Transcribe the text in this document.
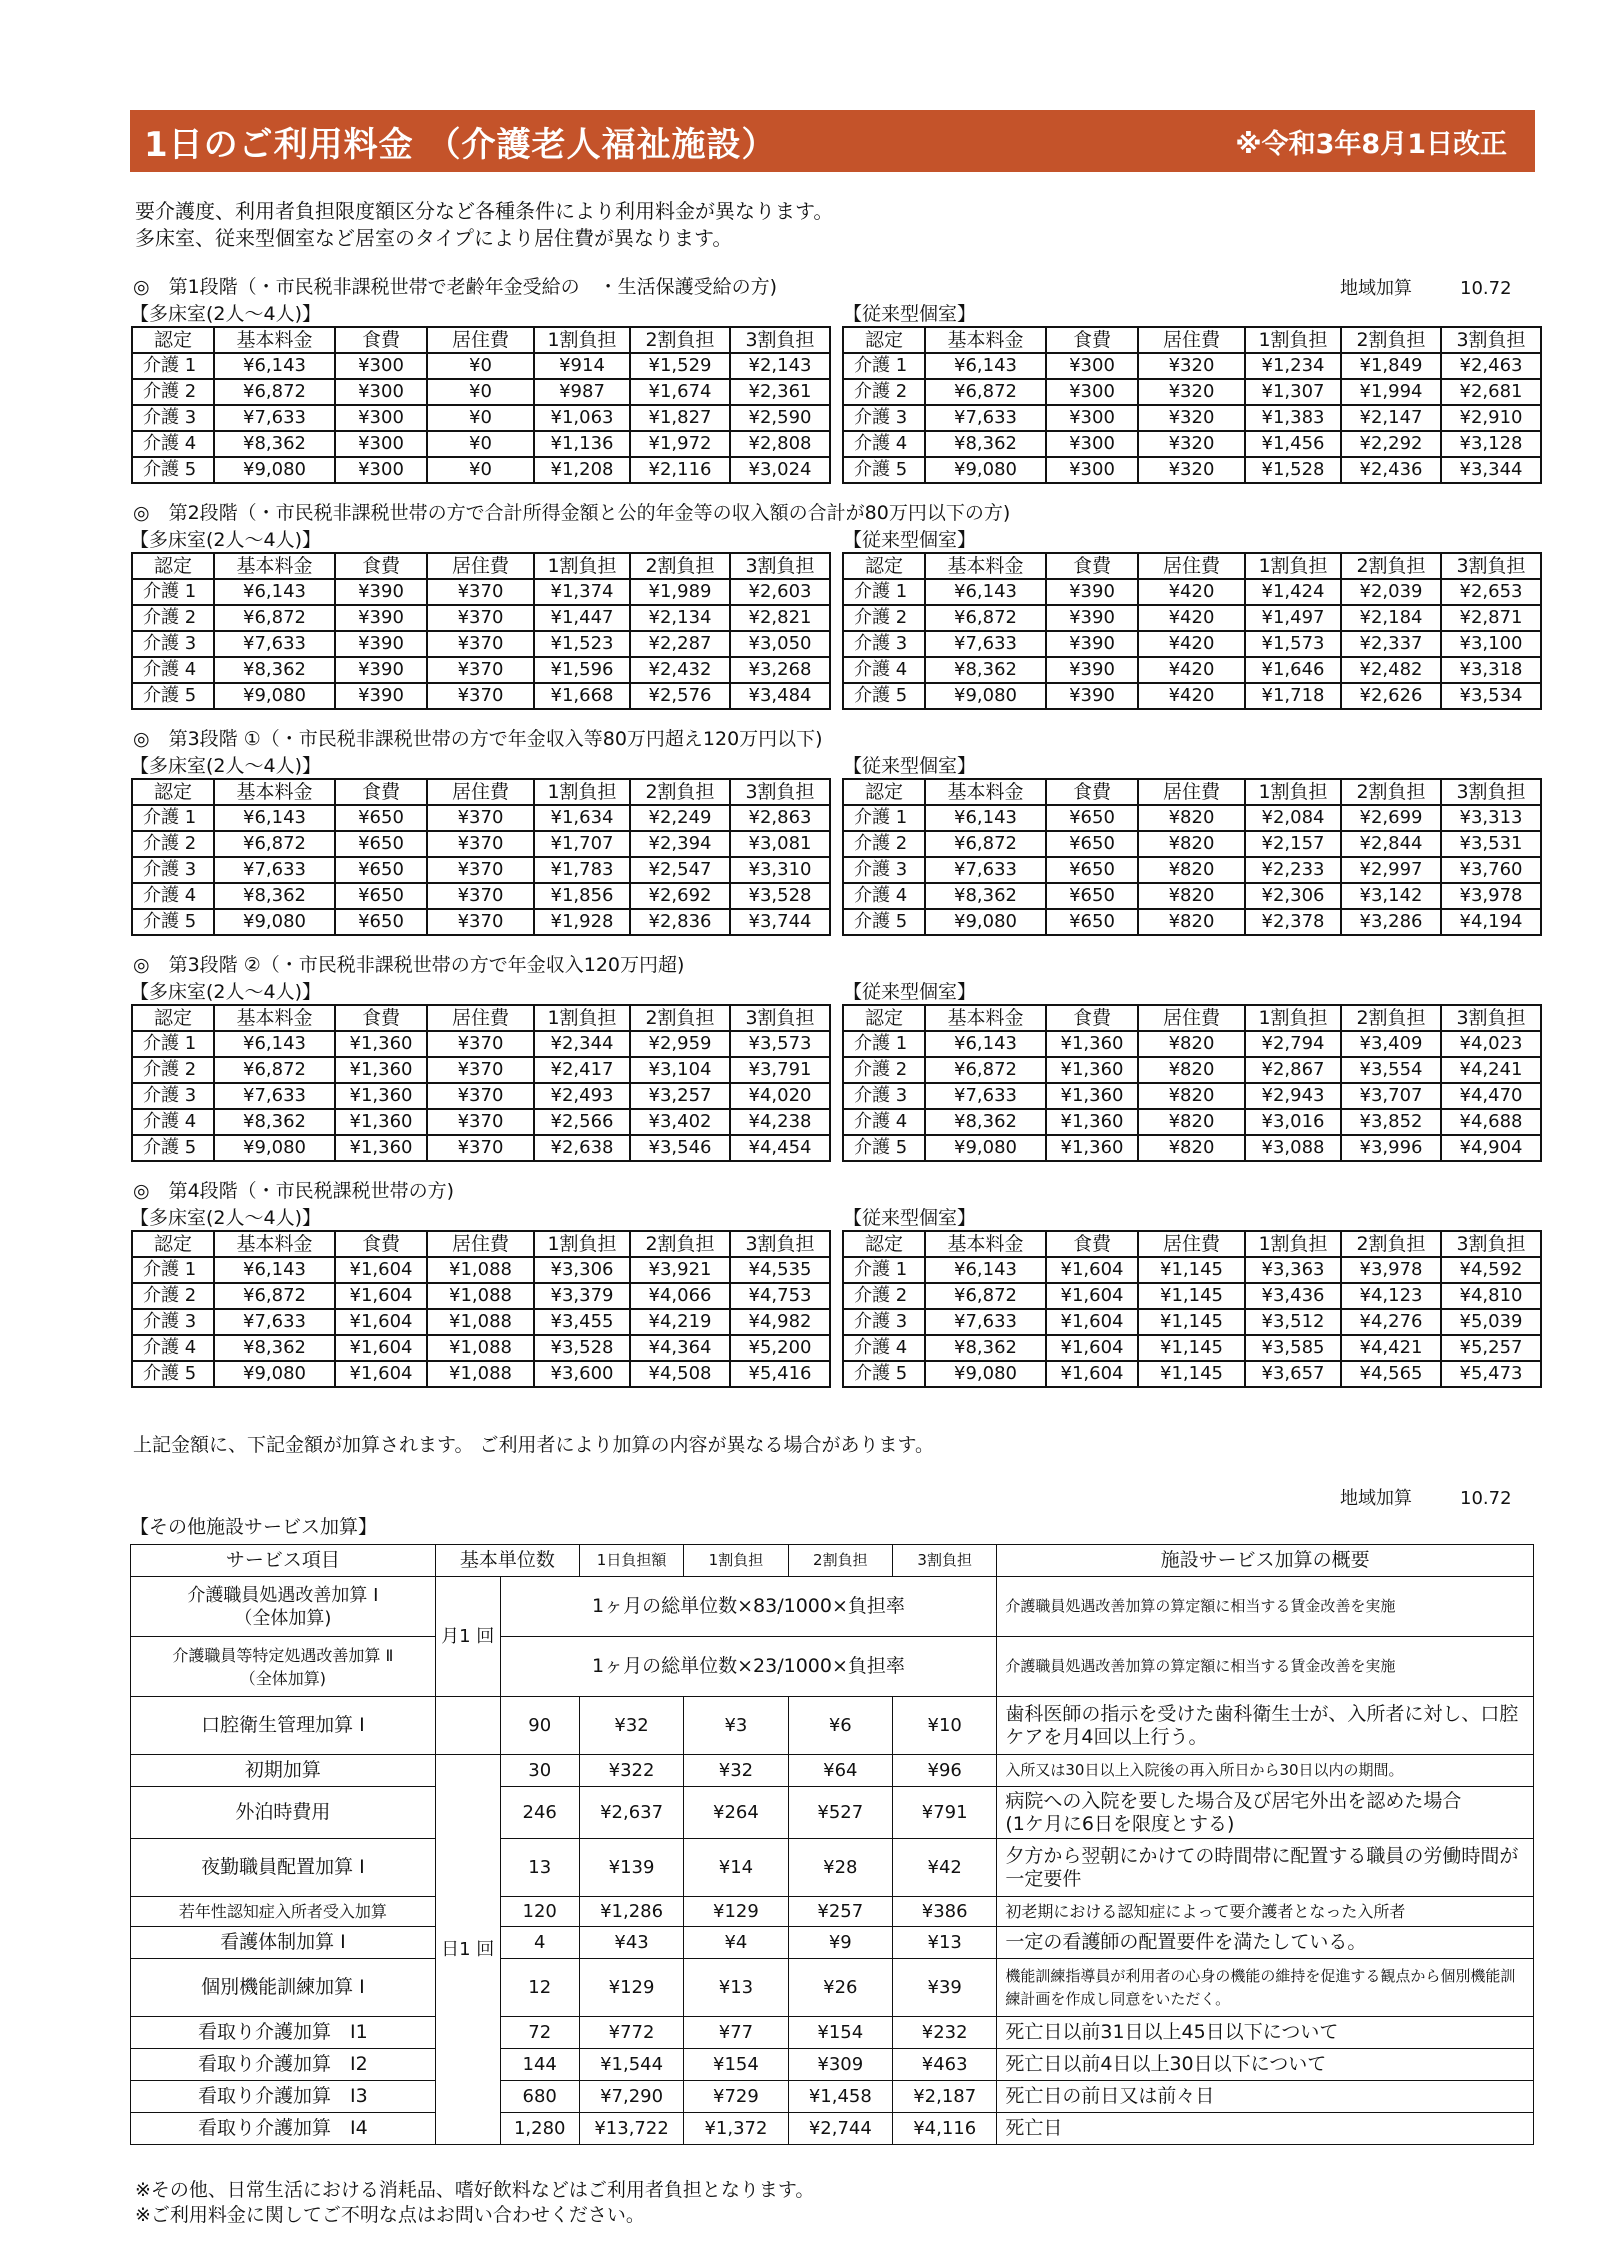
1日のご利用料金 （介護老人福祉施設）	※令和3年8月1日改正
要介護度、利用者負担限度額区分など各種条件により利用料金が異なります。
多床室、従来型個室など居室のタイプにより居住費が異なります。
◎　第1段階（・市民税非課税世帯で老齢年金受給の　・生活保護受給の方)	地域加算	10.72
【多床室(2人～4人)】	【従来型個室】
認定	基本料金	食費	居住費	1割負担	2割負担	3割負担
介護 1	¥6,143	¥300	¥0	¥914	¥1,529	¥2,143
介護 2	¥6,872	¥300	¥0	¥987	¥1,674	¥2,361
介護 3	¥7,633	¥300	¥0	¥1,063	¥1,827	¥2,590
介護 4	¥8,362	¥300	¥0	¥1,136	¥1,972	¥2,808
介護 5	¥9,080	¥300	¥0	¥1,208	¥2,116	¥3,024
認定	基本料金	食費	居住費	1割負担	2割負担	3割負担
介護 1	¥6,143	¥300	¥320	¥1,234	¥1,849	¥2,463
介護 2	¥6,872	¥300	¥320	¥1,307	¥1,994	¥2,681
介護 3	¥7,633	¥300	¥320	¥1,383	¥2,147	¥2,910
介護 4	¥8,362	¥300	¥320	¥1,456	¥2,292	¥3,128
介護 5	¥9,080	¥300	¥320	¥1,528	¥2,436	¥3,344
◎　第2段階（・市民税非課税世帯の方で合計所得金額と公的年金等の収入額の合計が80万円以下の方)
【多床室(2人～4人)】	【従来型個室】
認定	基本料金	食費	居住費	1割負担	2割負担	3割負担
介護 1	¥6,143	¥390	¥370	¥1,374	¥1,989	¥2,603
介護 2	¥6,872	¥390	¥370	¥1,447	¥2,134	¥2,821
介護 3	¥7,633	¥390	¥370	¥1,523	¥2,287	¥3,050
介護 4	¥8,362	¥390	¥370	¥1,596	¥2,432	¥3,268
介護 5	¥9,080	¥390	¥370	¥1,668	¥2,576	¥3,484
認定	基本料金	食費	居住費	1割負担	2割負担	3割負担
介護 1	¥6,143	¥390	¥420	¥1,424	¥2,039	¥2,653
介護 2	¥6,872	¥390	¥420	¥1,497	¥2,184	¥2,871
介護 3	¥7,633	¥390	¥420	¥1,573	¥2,337	¥3,100
介護 4	¥8,362	¥390	¥420	¥1,646	¥2,482	¥3,318
介護 5	¥9,080	¥390	¥420	¥1,718	¥2,626	¥3,534
◎　第3段階 ①（・市民税非課税世帯の方で年金収入等80万円超え120万円以下)
【多床室(2人～4人)】	【従来型個室】
認定	基本料金	食費	居住費	1割負担	2割負担	3割負担
介護 1	¥6,143	¥650	¥370	¥1,634	¥2,249	¥2,863
介護 2	¥6,872	¥650	¥370	¥1,707	¥2,394	¥3,081
介護 3	¥7,633	¥650	¥370	¥1,783	¥2,547	¥3,310
介護 4	¥8,362	¥650	¥370	¥1,856	¥2,692	¥3,528
介護 5	¥9,080	¥650	¥370	¥1,928	¥2,836	¥3,744
認定	基本料金	食費	居住費	1割負担	2割負担	3割負担
介護 1	¥6,143	¥650	¥820	¥2,084	¥2,699	¥3,313
介護 2	¥6,872	¥650	¥820	¥2,157	¥2,844	¥3,531
介護 3	¥7,633	¥650	¥820	¥2,233	¥2,997	¥3,760
介護 4	¥8,362	¥650	¥820	¥2,306	¥3,142	¥3,978
介護 5	¥9,080	¥650	¥820	¥2,378	¥3,286	¥4,194
◎　第3段階 ②（・市民税非課税世帯の方で年金収入120万円超)
【多床室(2人～4人)】	【従来型個室】
認定	基本料金	食費	居住費	1割負担	2割負担	3割負担
介護 1	¥6,143	¥1,360	¥370	¥2,344	¥2,959	¥3,573
介護 2	¥6,872	¥1,360	¥370	¥2,417	¥3,104	¥3,791
介護 3	¥7,633	¥1,360	¥370	¥2,493	¥3,257	¥4,020
介護 4	¥8,362	¥1,360	¥370	¥2,566	¥3,402	¥4,238
介護 5	¥9,080	¥1,360	¥370	¥2,638	¥3,546	¥4,454
認定	基本料金	食費	居住費	1割負担	2割負担	3割負担
介護 1	¥6,143	¥1,360	¥820	¥2,794	¥3,409	¥4,023
介護 2	¥6,872	¥1,360	¥820	¥2,867	¥3,554	¥4,241
介護 3	¥7,633	¥1,360	¥820	¥2,943	¥3,707	¥4,470
介護 4	¥8,362	¥1,360	¥820	¥3,016	¥3,852	¥4,688
介護 5	¥9,080	¥1,360	¥820	¥3,088	¥3,996	¥4,904
◎　第4段階（・市民税課税世帯の方)
【多床室(2人～4人)】	【従来型個室】
認定	基本料金	食費	居住費	1割負担	2割負担	3割負担
介護 1	¥6,143	¥1,604	¥1,088	¥3,306	¥3,921	¥4,535
介護 2	¥6,872	¥1,604	¥1,088	¥3,379	¥4,066	¥4,753
介護 3	¥7,633	¥1,604	¥1,088	¥3,455	¥4,219	¥4,982
介護 4	¥8,362	¥1,604	¥1,088	¥3,528	¥4,364	¥5,200
介護 5	¥9,080	¥1,604	¥1,088	¥3,600	¥4,508	¥5,416
認定	基本料金	食費	居住費	1割負担	2割負担	3割負担
介護 1	¥6,143	¥1,604	¥1,145	¥3,363	¥3,978	¥4,592
介護 2	¥6,872	¥1,604	¥1,145	¥3,436	¥4,123	¥4,810
介護 3	¥7,633	¥1,604	¥1,145	¥3,512	¥4,276	¥5,039
介護 4	¥8,362	¥1,604	¥1,145	¥3,585	¥4,421	¥5,257
介護 5	¥9,080	¥1,604	¥1,145	¥3,657	¥4,565	¥5,473
上記金額に、下記金額が加算されます。 ご利用者により加算の内容が異なる場合があります。
地域加算	10.72
【その他施設サービス加算】
サービス項目	基本単位数		1日負担額	1割負担	2割負担	3割負担	施設サービス加算の概要

介護職員処遇改善加算 Ⅰ
（全体加算)	月1 回	1ヶ月の総単位数×83/1000×負担率					介護職員処遇改善加算の算定額に相当する賃金改善を実施

介護職員等特定処遇改善加算 Ⅱ
（全体加算)		1ヶ月の総単位数×23/1000×負担率					介護職員処遇改善加算の算定額に相当する賃金改善を実施
口腔衛生管理加算 Ⅰ		90	¥32	¥3	¥6	¥10	歯科医師の指示を受けた歯科衛生士が、入所者に対し、口腔ケアを月4回以上行う。
初期加算	日1 回	30	¥322	¥32	¥64	¥96	入所又は30日以上入院後の再入所日から30日以内の期間。
外泊時費用		246	¥2,637	¥264	¥527	¥791	病院への入院を要した場合及び居宅外出を認めた場合　　　(1ケ月に6日を限度とする)
夜勤職員配置加算 Ⅰ		13	¥139	¥14	¥28	¥42	夕方から翌朝にかけての時間帯に配置する職員の労働時間が一定要件
若年性認知症入所者受入加算		120	¥1,286	¥129	¥257	¥386	初老期における認知症によって要介護者となった入所者
看護体制加算 Ⅰ		4	¥43	¥4	¥9	¥13	一定の看護師の配置要件を満たしている。
個別機能訓練加算 Ⅰ		12	¥129	¥13	¥26	¥39	機能訓練指導員が利用者の心身の機能の維持を促進する観点から個別機能訓練計画を作成し同意をいただく。
看取り介護加算　Ⅰ1		72	¥772	¥77	¥154	¥232	死亡日以前31日以上45日以下について
看取り介護加算　Ⅰ2		144	¥1,544	¥154	¥309	¥463	死亡日以前4日以上30日以下について
看取り介護加算　Ⅰ3		680	¥7,290	¥729	¥1,458	¥2,187	死亡日の前日又は前々日
看取り介護加算　Ⅰ4		1,280	¥13,722	¥1,372	¥2,744	¥4,116	死亡日
※その他、日常生活における消耗品、嗜好飲料などはご利用者負担となります。
※ご利用料金に関してご不明な点はお問い合わせください。
